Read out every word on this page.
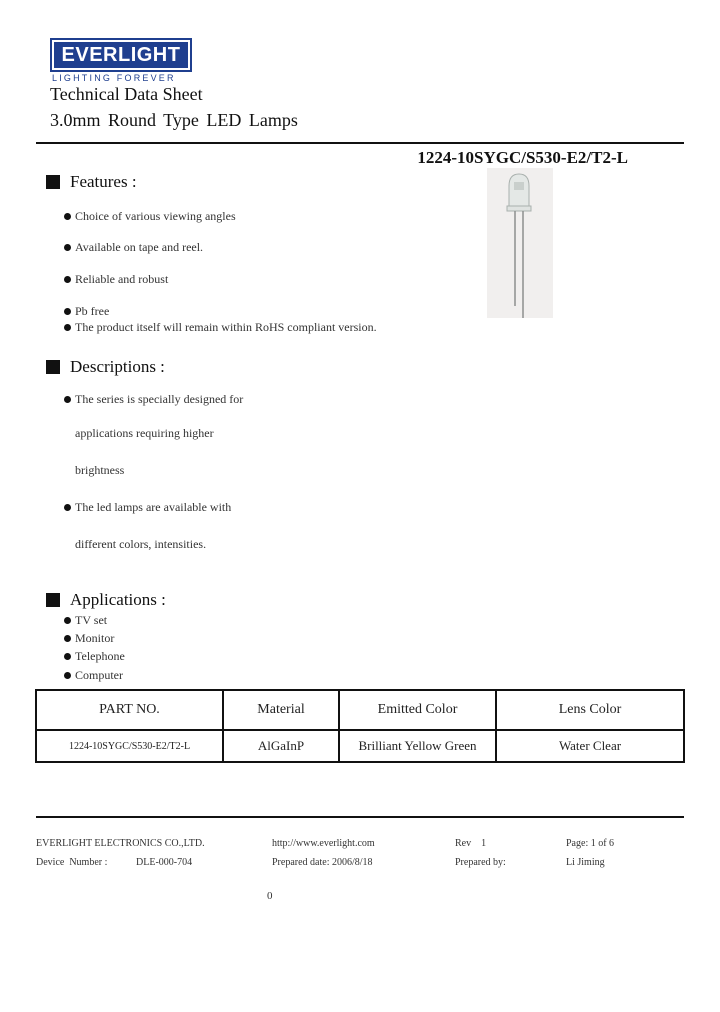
EVERLIGHT
LIGHTING FOREVER
Technical Data Sheet
3.0mm Round Type LED Lamps
1224-10SYGC/S530-E2/T2-L
Features :
Choice of various viewing angles
Available on tape and reel.
Reliable and robust
Pb free
The product itself will remain within RoHS compliant version.
Descriptions :
The series is specially designed for
applications requiring higher
brightness
The led lamps are available with
different colors, intensities.
Applications :
TV set
Monitor
Telephone
Computer
PART NO.	Material	Emitted Color	Lens Color
1224-10SYGC/S530-E2/T2-L	AlGaInP	Brilliant Yellow Green	Water Clear
EVERLIGHT ELECTRONICS CO.,LTD.	http://www.everlight.com	Rev    1	Page: 1 of 6
Device  Number :	DLE-000-704	Prepared date: 2006/8/18	Prepared by:	Li Jiming
0
